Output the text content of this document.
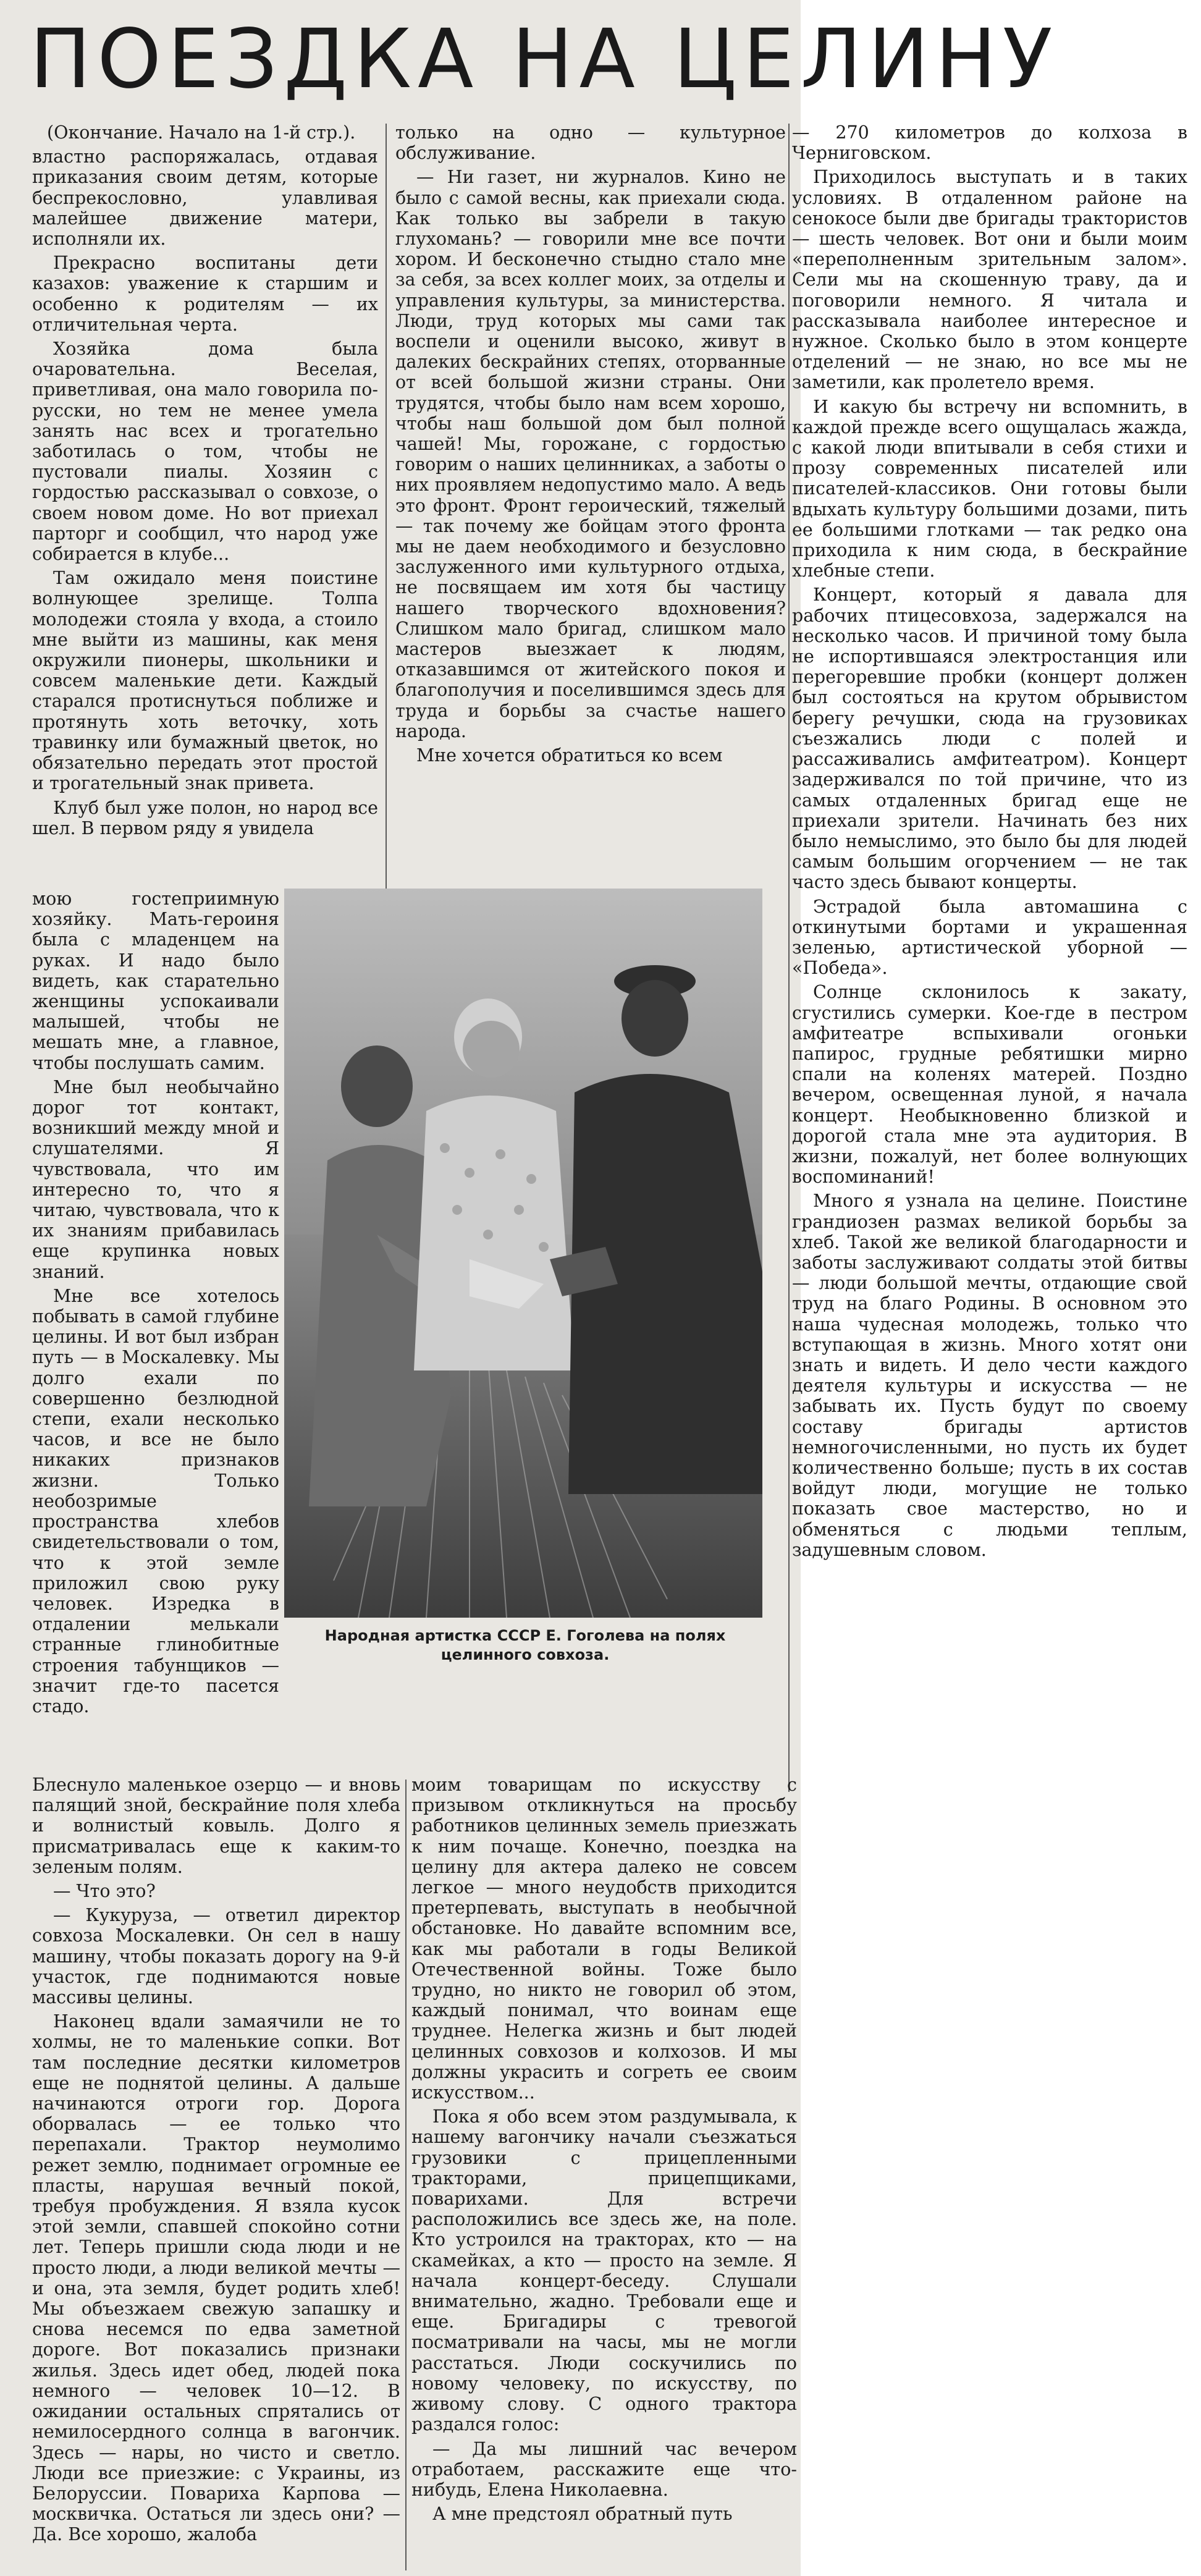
ПОЕЗДКА НА ЦЕЛИНУ

(Окончание. Начало на 1-й стр.).

властно распоряжалась, отдавая приказания своим детям, которые беспрекословно, улавливая малейшее движение матери, исполняли их.

Прекрасно воспитаны дети казахов: уважение к старшим и особенно к родителям — их отличительная черта.

Хозяйка дома была очаровательна. Веселая, приветливая, она мало говорила по-русски, но тем не менее умела занять нас всех и трогательно заботилась о том, чтобы не пустовали пиалы. Хозяин с гордостью рассказывал о совхозе, о своем новом доме. Но вот приехал парторг и сообщил, что народ уже собирается в клубе...

Там ожидало меня поистине волнующее зрелище. Толпа молодежи стояла у входа, а стоило мне выйти из машины, как меня окружили пионеры, школьники и совсем маленькие дети. Каждый старался протиснуться поближе и протянуть хоть веточку, хоть травинку или бумажный цветок, но обязательно передать этот простой и трогательный знак привета.

Клуб был уже полон, но народ все шел. В первом ряду я увидела

только на одно — культурное обслуживание.

— Ни газет, ни журналов. Кино не было с самой весны, как приехали сюда. Как только вы забрели в такую глухомань? — говорили мне все почти хором. И бесконечно стыдно стало мне за себя, за всех коллег моих, за отделы и управления культуры, за министерства. Люди, труд которых мы сами так воспели и оценили высоко, живут в далеких бескрайних степях, оторванные от всей большой жизни страны. Они трудятся, чтобы было нам всем хорошо, чтобы наш большой дом был полной чашей! Мы, горожане, с гордостью говорим о наших целинниках, а заботы о них проявляем недопустимо мало. А ведь это фронт. Фронт героический, тяжелый — так почему же бойцам этого фронта мы не даем необходимого и безусловно заслуженного ими культурного отдыха, не посвящаем им хотя бы частицу нашего творческого вдохновения? Слишком мало бригад, слишком мало мастеров выезжает к людям, отказавшимся от житейского покоя и благополучия и поселившимся здесь для труда и борьбы за счастье нашего народа.

Мне хочется обратиться ко всем

мою гостеприимную хозяйку. Мать-героиня была с младенцем на руках. И надо было видеть, как старательно женщины успокаивали малышей, чтобы не мешать мне, а главное, чтобы послушать самим.

Мне был необычайно дорог тот контакт, возникший между мной и слушателями. Я чувствовала, что им интересно то, что я читаю, чувствовала, что к их знаниям прибавилась еще крупинка новых знаний.

Мне все хотелось побывать в самой глубине целины. И вот был избран путь — в Москалевку. Мы долго ехали по совершенно безлюдной степи, ехали несколько часов, и все не было никаких признаков жизни. Только необозримые пространства хлебов свидетельствовали о том, что к этой земле приложил свою руку человек. Изредка в отдалении мелькали странные глинобитные строения табунщиков — значит где-то пасется стадо.

Народная артистка СССР Е. Гоголева на полях целинного совхоза.

— 270 километров до колхоза в Черниговском.

Приходилось выступать и в таких условиях. В отдаленном районе на сенокосе были две бригады трактористов — шесть человек. Вот они и были моим «переполненным зрительным залом». Сели мы на скошенную траву, да и поговорили немного. Я читала и рассказывала наиболее интересное и нужное. Сколько было в этом концерте отделений — не знаю, но все мы не заметили, как пролетело время.

И какую бы встречу ни вспомнить, в каждой прежде всего ощущалась жажда, с какой люди впитывали в себя стихи и прозу современных писателей или писателей-классиков. Они готовы были вдыхать культуру большими дозами, пить ее большими глотками — так редко она приходила к ним сюда, в бескрайние хлебные степи.

Концерт, который я давала для рабочих птицесовхоза, задержался на несколько часов. И причиной тому была не испортившаяся электростанция или перегоревшие пробки (концерт должен был состояться на крутом обрывистом берегу речушки, сюда на грузовиках съезжались люди с полей и рассаживались амфитеатром). Концерт задерживался по той причине, что из самых отдаленных бригад еще не приехали зрители. Начинать без них было немыслимо, это было бы для людей самым большим огорчением — не так часто здесь бывают концерты.

Эстрадой была автомашина с откинутыми бортами и украшенная зеленью, артистической уборной — «Победа».

Солнце склонилось к закату, сгустились сумерки. Кое-где в пестром амфитеатре вспыхивали огоньки папирос, грудные ребятишки мирно спали на коленях матерей. Поздно вечером, освещенная луной, я начала концерт. Необыкновенно близкой и дорогой стала мне эта аудитория. В жизни, пожалуй, нет более волнующих воспоминаний!

Много я узнала на целине. Поистине грандиозен размах великой борьбы за хлеб. Такой же великой благодарности и заботы заслуживают солдаты этой битвы — люди большой мечты, отдающие свой труд на благо Родины. В основном это наша чудесная молодежь, только что вступающая в жизнь. Много хотят они знать и видеть. И дело чести каждого деятеля культуры и искусства — не забывать их. Пусть будут по своему составу бригады артистов немногочисленными, но пусть их будет количественно больше; пусть в их состав войдут люди, могущие не только показать свое мастерство, но и обменяться с людьми теплым, задушевным словом.

Блеснуло маленькое озерцо — и вновь палящий зной, бескрайние поля хлеба и волнистый ковыль. Долго я присматривалась еще к каким-то зеленым полям.

— Что это?

— Кукуруза, — ответил директор совхоза Москалевки. Он сел в нашу машину, чтобы показать дорогу на 9-й участок, где поднимаются новые массивы целины.

Наконец вдали замаячили не то холмы, не то маленькие сопки. Вот там последние десятки километров еще не поднятой целины. А дальше начинаются отроги гор. Дорога оборвалась — ее только что перепахали. Трактор неумолимо режет землю, поднимает огромные ее пласты, нарушая вечный покой, требуя пробуждения. Я взяла кусок этой земли, спавшей спокойно сотни лет. Теперь пришли сюда люди и не просто люди, а люди великой мечты — и она, эта земля, будет родить хлеб! Мы объезжаем свежую запашку и снова несемся по едва заметной дороге. Вот показались признаки жилья. Здесь идет обед, людей пока немного — человек 10—12. В ожидании остальных спрятались от немилосердного солнца в вагончик. Здесь — нары, но чисто и светло. Люди все приезжие: с Украины, из Белоруссии. Повариха Карпова — москвичка. Остаться ли здесь они? — Да. Все хорошо, жалоба

моим товарищам по искусству с призывом откликнуться на просьбу работников целинных земель приезжать к ним почаще. Конечно, поездка на целину для актера далеко не совсем легкое — много неудобств приходится претерпевать, выступать в необычной обстановке. Но давайте вспомним все, как мы работали в годы Великой Отечественной войны. Тоже было трудно, но никто не говорил об этом, каждый понимал, что воинам еще труднее. Нелегка жизнь и быт людей целинных совхозов и колхозов. И мы должны украсить и согреть ее своим искусством...

Пока я обо всем этом раздумывала, к нашему вагончику начали съезжаться грузовики с прицепленными тракторами, прицепщиками, поварихами. Для встречи расположились все здесь же, на поле. Кто устроился на тракторах, кто — на скамейках, а кто — просто на земле. Я начала концерт-беседу. Слушали внимательно, жадно. Требовали еще и еще. Бригадиры с тревогой посматривали на часы, мы не могли расстаться. Люди соскучились по новому человеку, по искусству, по живому слову. С одного трактора раздался голос:

— Да мы лишний час вечером отработаем, расскажите еще что-нибудь, Елена Николаевна.

А мне предстоял обратный путь
